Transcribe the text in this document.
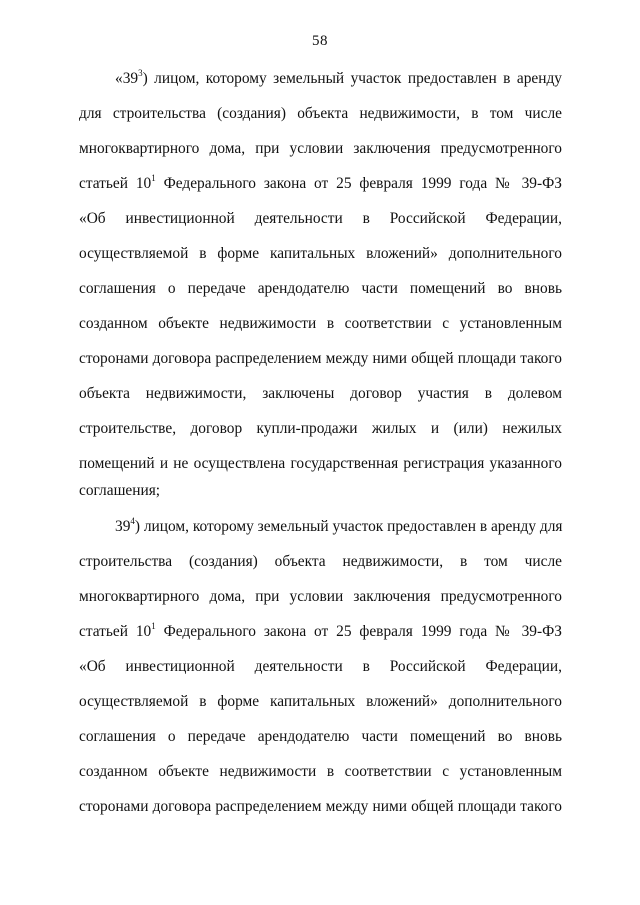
58
«$39^3$) лицом, которому земельный участок предоставлен в аренду
для строительства (создания) объекта недвижимости, в том числе
многоквартирного дома, при условии заключения предусмотренного
статьей $10^1$ Федерального закона от 25 февраля 1999 года № 39-ФЗ
«Об инвестиционной деятельности в Российской Федерации,
осуществляемой в форме капитальных вложений» дополнительного
соглашения о передаче арендодателю части помещений во вновь
созданном объекте недвижимости в соответствии с установленным
сторонами договора распределением между ними общей площади такого
объекта недвижимости, заключены договор участия в долевом
строительстве, договор купли-продажи жилых и (или) нежилых
помещений и не осуществлена государственная регистрация указанного
соглашения;
$39^4$) лицом, которому земельный участок предоставлен в аренду для
строительства (создания) объекта недвижимости, в том числе
многоквартирного дома, при условии заключения предусмотренного
статьей $10^1$ Федерального закона от 25 февраля 1999 года № 39-ФЗ
«Об инвестиционной деятельности в Российской Федерации,
осуществляемой в форме капитальных вложений» дополнительного
соглашения о передаче арендодателю части помещений во вновь
созданном объекте недвижимости в соответствии с установленным
сторонами договора распределением между ними общей площади такого
